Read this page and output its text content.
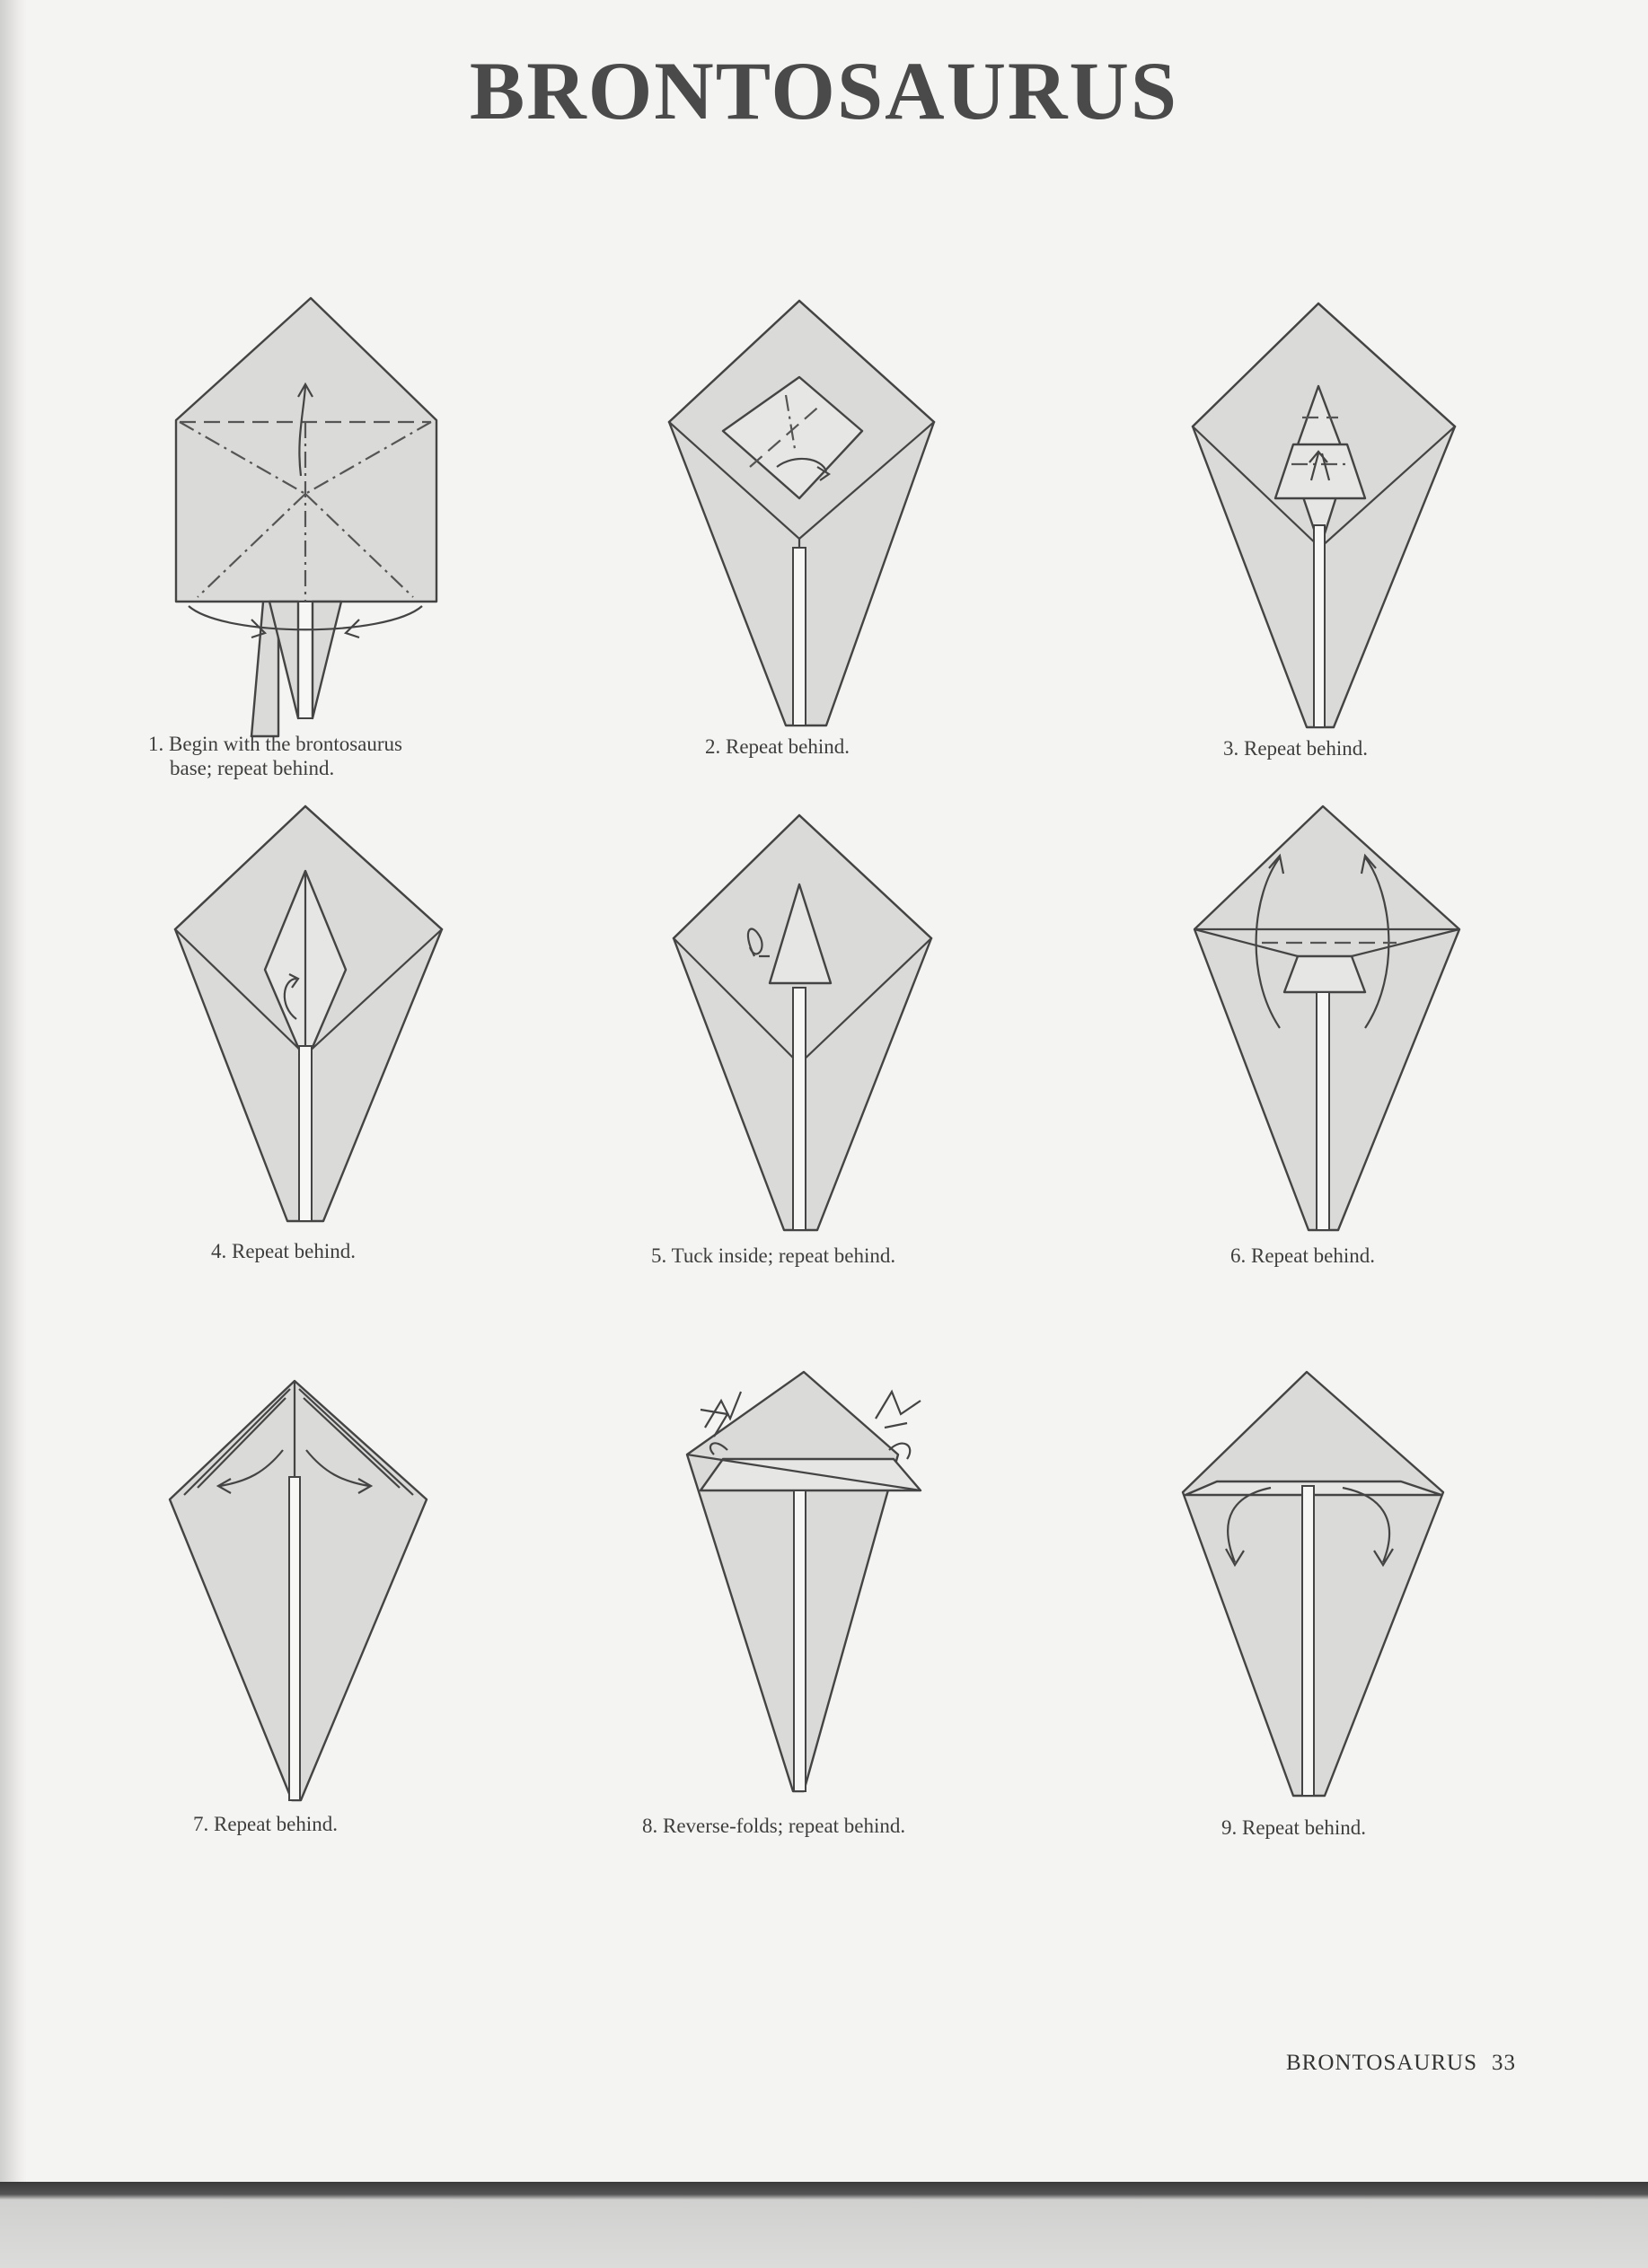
BRONTOSAURUS
1. Begin with the brontosaurus
base; repeat behind.
2. Repeat behind.	3. Repeat behind.
4. Repeat behind.	5. Tuck inside; repeat behind.	6. Repeat behind.
7. Repeat behind.	8. Reverse-folds; repeat behind.	9. Repeat behind.
BRONTOSAURUS 33
